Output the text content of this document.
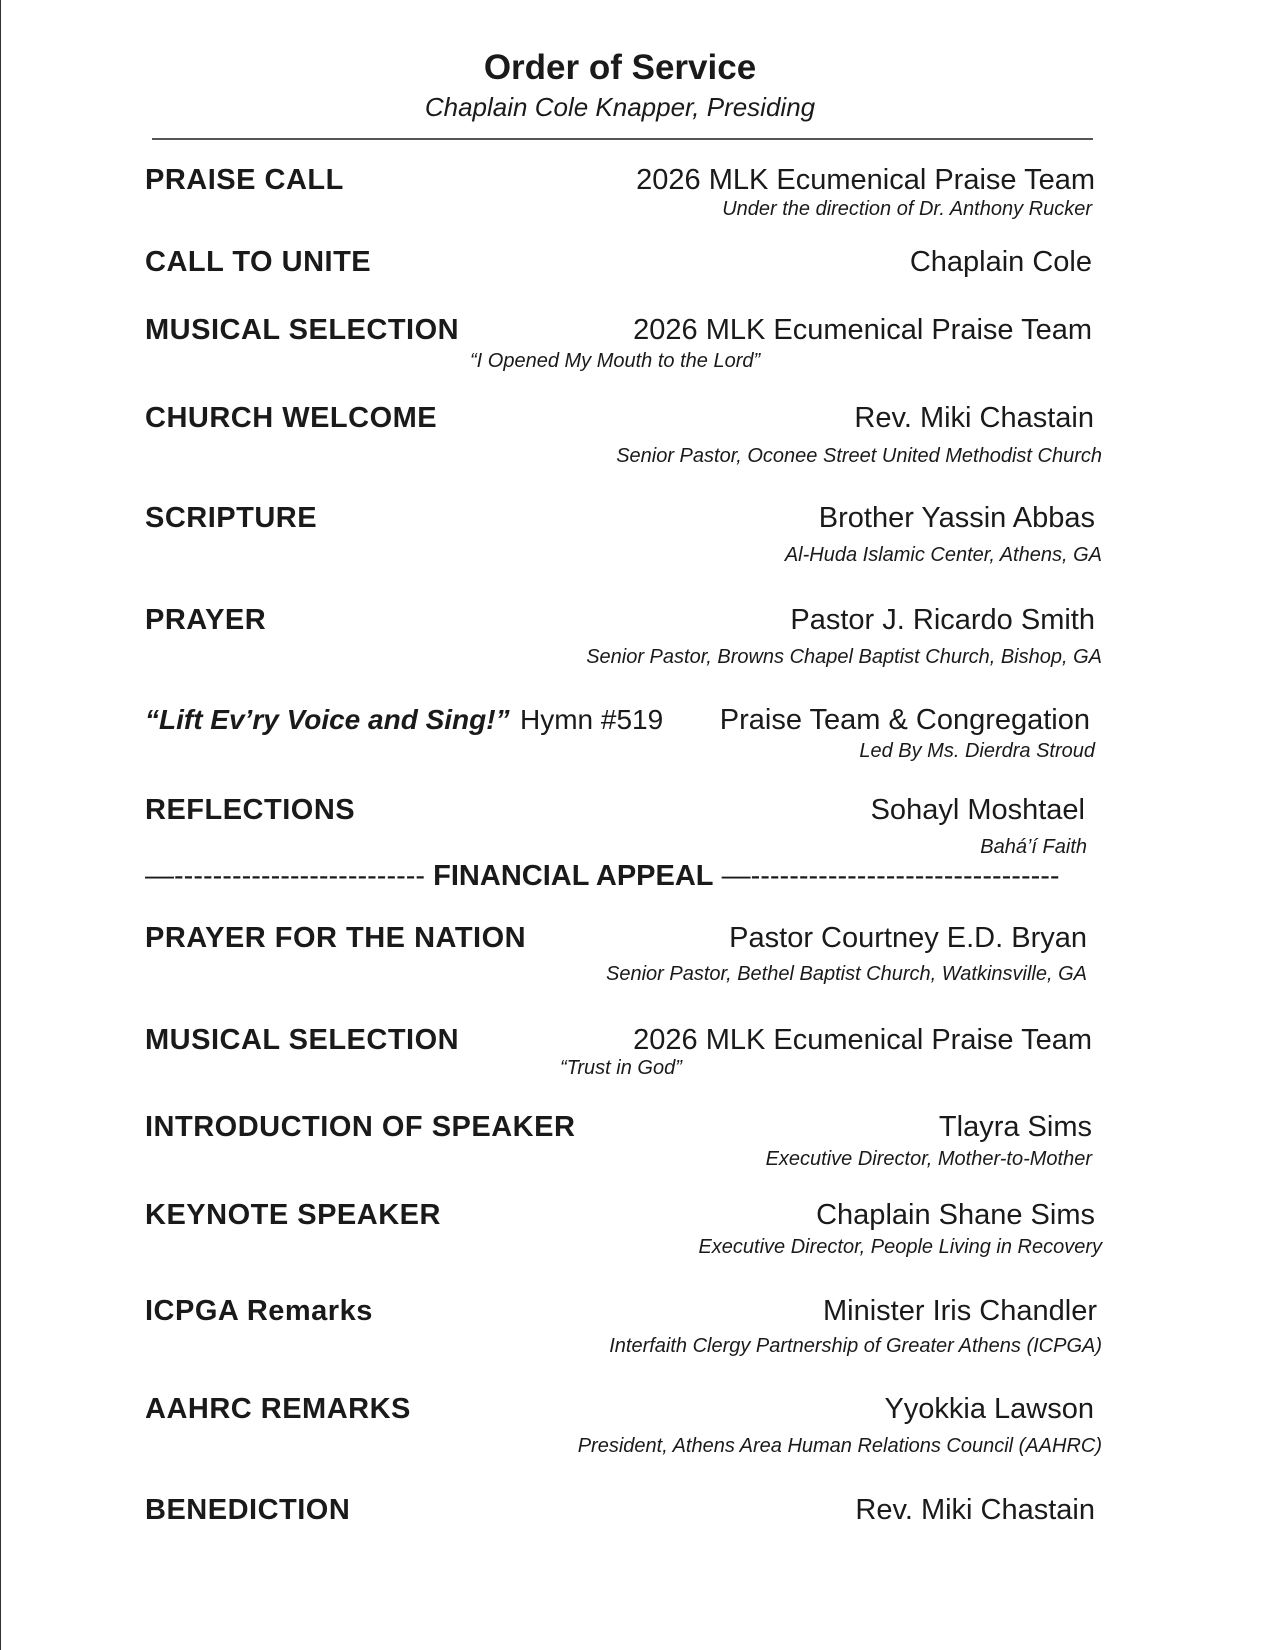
Order of Service
Chaplain Cole Knapper, Presiding
PRAISE CALL	2026 MLK Ecumenical Praise Team
Under the direction of Dr. Anthony Rucker
CALL TO UNITE	Chaplain Cole
MUSICAL SELECTION	2026 MLK Ecumenical Praise Team
“I Opened My Mouth to the Lord”
CHURCH WELCOME	Rev. Miki Chastain
Senior Pastor, Oconee Street United Methodist Church
SCRIPTURE	Brother Yassin Abbas
Al-Huda Islamic Center, Athens, GA
PRAYER	Pastor J. Ricardo Smith
Senior Pastor, Browns Chapel Baptist Church, Bishop, GA
“Lift Ev’ry Voice and Sing!” Hymn #519 Praise Team & Congregation
Led By Ms. Dierdra Stroud
REFLECTIONS	Sohayl Moshtael
Bahá’í Faith
—-------------------------- FINANCIAL APPEAL —--------------------------------
PRAYER FOR THE NATION	Pastor Courtney E.D. Bryan
Senior Pastor, Bethel Baptist Church, Watkinsville, GA
MUSICAL SELECTION	2026 MLK Ecumenical Praise Team
“Trust in God”
INTRODUCTION OF SPEAKER	Tlayra Sims
Executive Director, Mother-to-Mother
KEYNOTE SPEAKER	Chaplain Shane Sims
Executive Director, People Living in Recovery
ICPGA Remarks	Minister Iris Chandler
Interfaith Clergy Partnership of Greater Athens (ICPGA)
AAHRC REMARKS	Yyokkia Lawson
President, Athens Area Human Relations Council (AAHRC)
BENEDICTION	Rev. Miki Chastain
